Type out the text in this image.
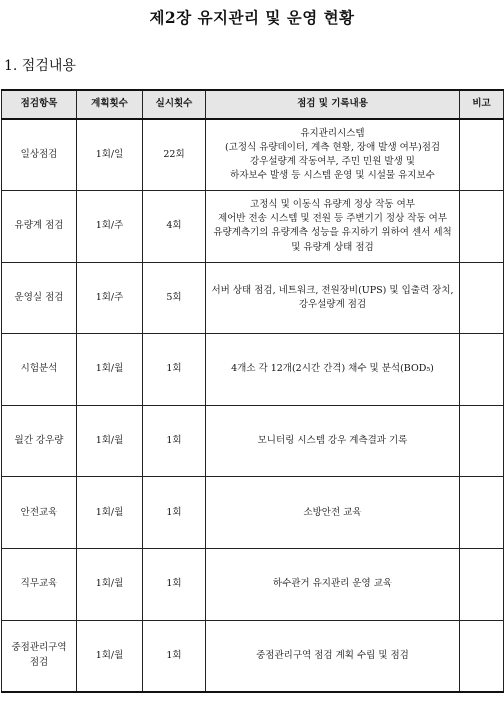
제2장 유지관리 및 운영 현황
1. 점검내용
점검항목	계획횟수	실시횟수	점검 및 기록내용	비고
일상점검	1회/일	22회	유지관리시스템
(고정식 유량데이터, 계측 현황, 장애 발생 여부)점검
강우설량계 작동여부, 주민 민원 발생 및
하자보수 발생 등 시스템 운영 및 시설물 유지보수	
유량계 점검	1회/주	4회	고정식 및 이동식 유량계 정상 작동 여부
제어반 전송 시스템 및 전원 등 주변기기 정상 작동 여부
유량계측기의 유량계측 성능을 유지하기 위하여 센서 세척
및 유량계 상태 점검	
운영실 점검	1회/주	5회	서버 상태 점검, 네트워크, 전원장비(UPS) 및 입출력 장치,
강우설량계 점검	
시험분석	1회/월	1회	4개소 각 12개(2시간 간격) 채수 및 분석(BOD₅)	
월간 강우량	1회/월	1회	모니터링 시스템 강우 계측결과 기록	
안전교육	1회/월	1회	소방안전 교육	
직무교육	1회/월	1회	하수관거 유지관리 운영 교육	
중점관리구역
점검	1회/월	1회	중점관리구역 점검 계획 수립 및 점검	
